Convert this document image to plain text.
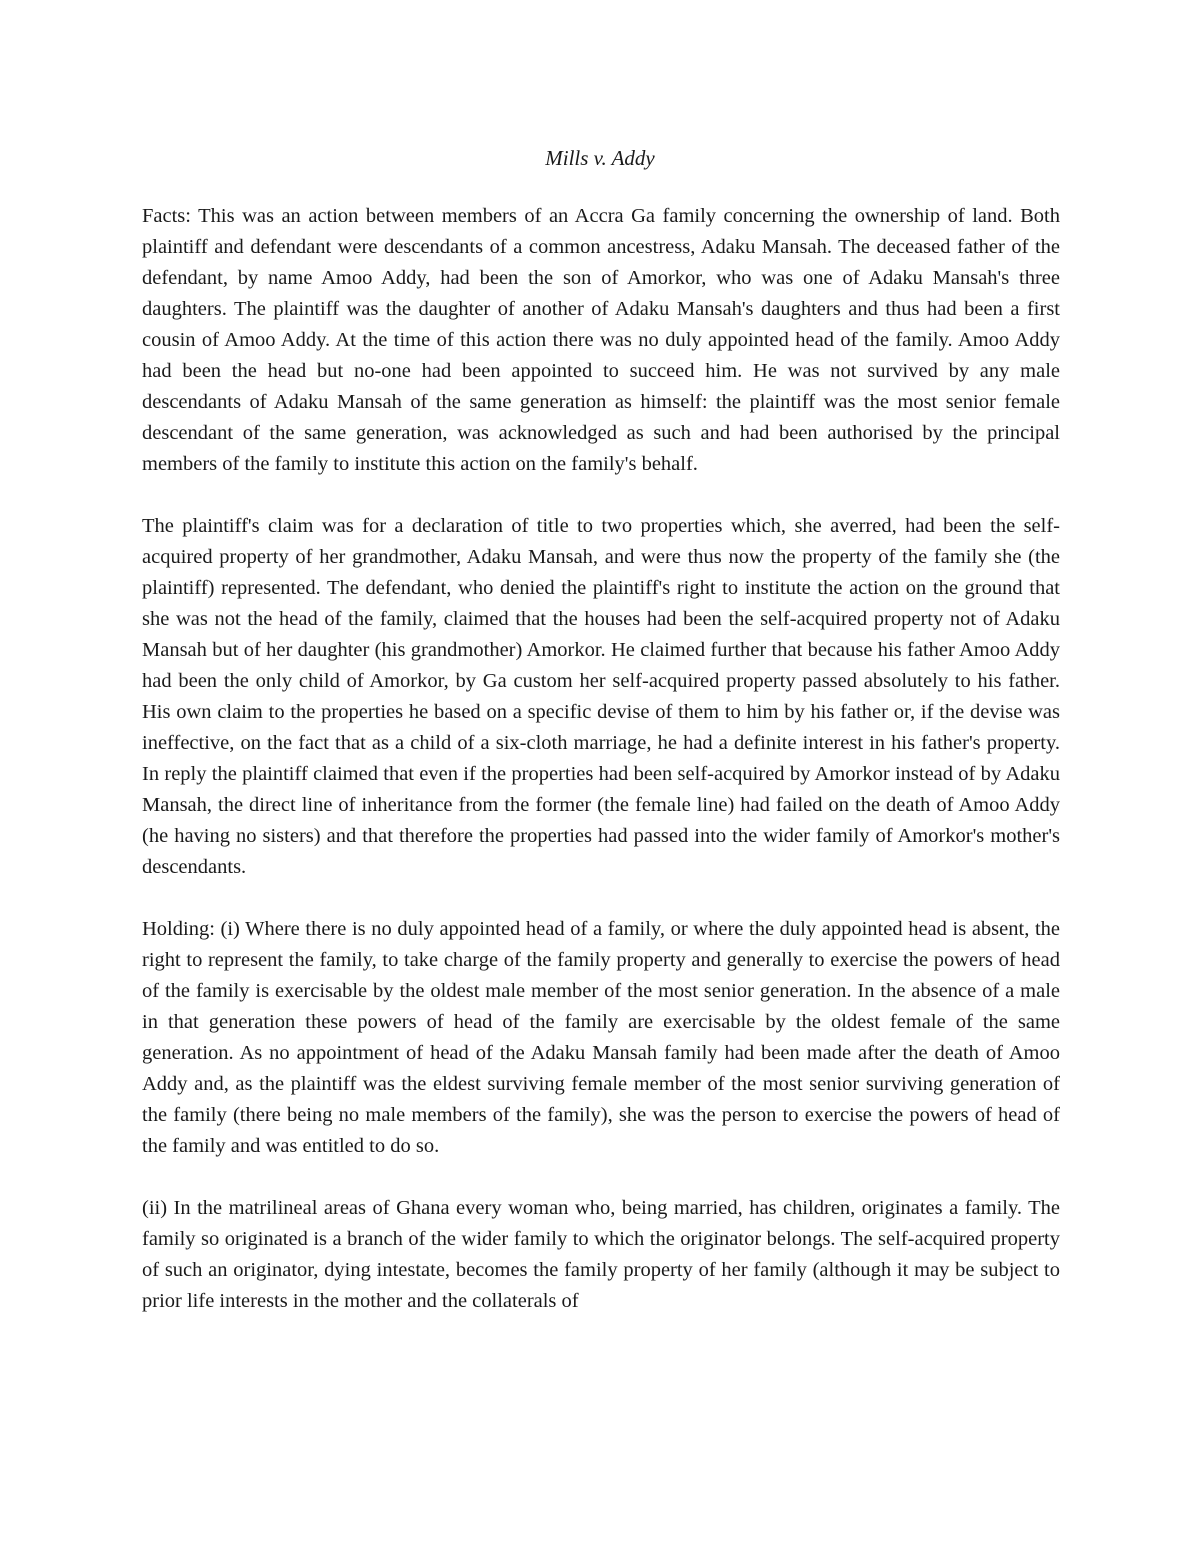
Mills v. Addy

Facts: This was an action between members of an Accra Ga family concerning the ownership of land. Both plaintiff and defendant were descendants of a common ancestress, Adaku Mansah. The deceased father of the defendant, by name Amoo Addy, had been the son of Amorkor, who was one of Adaku Mansah's three daughters. The plaintiff was the daughter of another of Adaku Mansah's daughters and thus had been a first cousin of Amoo Addy. At the time of this action there was no duly appointed head of the family. Amoo Addy had been the head but no-one had been appointed to succeed him. He was not survived by any male descendants of Adaku Mansah of the same generation as himself: the plaintiff was the most senior female descendant of the same generation, was acknowledged as such and had been authorised by the principal members of the family to institute this action on the family's behalf.

The plaintiff's claim was for a declaration of title to two properties which, she averred, had been the self-acquired property of her grandmother, Adaku Mansah, and were thus now the property of the family she (the plaintiff) represented. The defendant, who denied the plaintiff's right to institute the action on the ground that she was not the head of the family, claimed that the houses had been the self-acquired property not of Adaku Mansah but of her daughter (his grandmother) Amorkor. He claimed further that because his father Amoo Addy had been the only child of Amorkor, by Ga custom her self-acquired property passed absolutely to his father. His own claim to the properties he based on a specific devise of them to him by his father or, if the devise was ineffective, on the fact that as a child of a six-cloth marriage, he had a definite interest in his father's property. In reply the plaintiff claimed that even if the properties had been self-acquired by Amorkor instead of by Adaku Mansah, the direct line of inheritance from the former (the female line) had failed on the death of Amoo Addy (he having no sisters) and that therefore the properties had passed into the wider family of Amorkor's mother's descendants.

Holding: (i) Where there is no duly appointed head of a family, or where the duly appointed head is absent, the right to represent the family, to take charge of the family property and generally to exercise the powers of head of the family is exercisable by the oldest male member of the most senior generation. In the absence of a male in that generation these powers of head of the family are exercisable by the oldest female of the same generation. As no appointment of head of the Adaku Mansah family had been made after the death of Amoo Addy and, as the plaintiff was the eldest surviving female member of the most senior surviving generation of the family (there being no male members of the family), she was the person to exercise the powers of head of the family and was entitled to do so.

(ii) In the matrilineal areas of Ghana every woman who, being married, has children, originates a family. The family so originated is a branch of the wider family to which the originator belongs. The self-acquired property of such an originator, dying intestate, becomes the family property of her family (although it may be subject to prior life interests in the mother and the collaterals of
